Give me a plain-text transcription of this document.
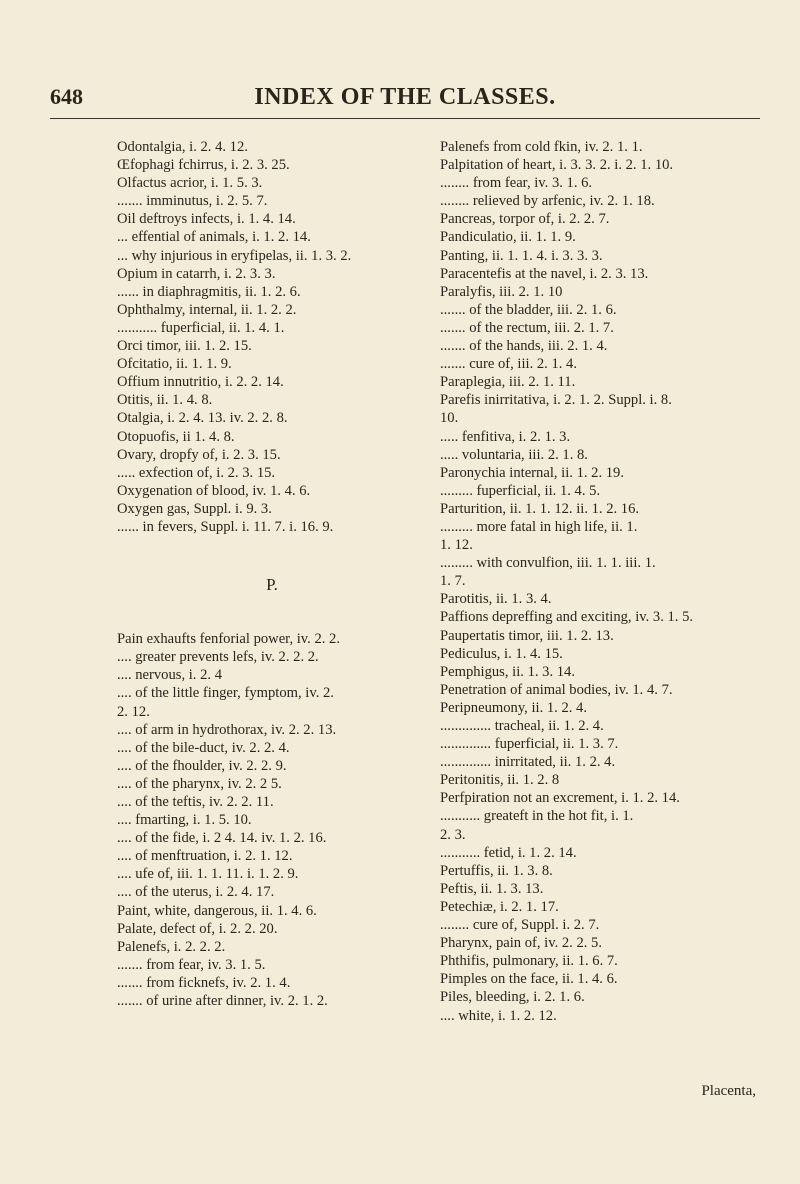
648	INDEX OF THE CLASSES.
Odontalgia, i. 2. 4. 12.
Œfophagi fchirrus, i. 2. 3. 25.
Olfactus acrior, i. 1. 5. 3.
....... imminutus, i. 2. 5. 7.
Oil deftroys infects, i. 1. 4. 14.
... effential of animals, i. 1. 2. 14.
... why injurious in eryfipelas, ii. 1. 3. 2.
Opium in catarrh, i. 2. 3. 3.
...... in diaphragmitis, ii. 1. 2. 6.
Ophthalmy, internal, ii. 1. 2. 2.
........... fuperficial, ii. 1. 4. 1.
Orci timor, iii. 1. 2. 15.
Ofcitatio, ii. 1. 1. 9.
Offium innutritio, i. 2. 2. 14.
Otitis, ii. 1. 4. 8.
Otalgia, i. 2. 4. 13. iv. 2. 2. 8.
Otopuofis, ii 1. 4. 8.
Ovary, dropfy of, i. 2. 3. 15.
..... exfection of, i. 2. 3. 15.
Oxygenation of blood, iv. 1. 4. 6.
Oxygen gas, Suppl. i. 9. 3.
...... in fevers, Suppl. i. 11. 7. i. 16. 9.
P.
Pain exhaufts fenforial power, iv. 2. 2.
.... greater prevents lefs, iv. 2. 2. 2.
.... nervous, i. 2. 4
.... of the little finger, fymptom, iv. 2.
2. 12.
.... of arm in hydrothorax, iv. 2. 2. 13.
.... of the bile-duct, iv. 2. 2. 4.
.... of the fhoulder, iv. 2. 2. 9.
.... of the pharynx, iv. 2. 2 5.
.... of the teftis, iv. 2. 2. 11.
.... fmarting, i. 1. 5. 10.
.... of the fide, i. 2 4. 14. iv. 1. 2. 16.
.... of menftruation, i. 2. 1. 12.
.... ufe of, iii. 1. 1. 11. i. 1. 2. 9.
.... of the uterus, i. 2. 4. 17.
Paint, white, dangerous, ii. 1. 4. 6.
Palate, defect of, i. 2. 2. 20.
Palenefs, i. 2. 2. 2.
....... from fear, iv. 3. 1. 5.
....... from ficknefs, iv. 2. 1. 4.
....... of urine after dinner, iv. 2. 1. 2.
Palenefs from cold fkin, iv. 2. 1. 1.
Palpitation of heart, i. 3. 3. 2. i. 2. 1. 10.
........ from fear, iv. 3. 1. 6.
........ relieved by arfenic, iv. 2. 1. 18.
Pancreas, torpor of, i. 2. 2. 7.
Pandiculatio, ii. 1. 1. 9.
Panting, ii. 1. 1. 4. i. 3. 3. 3.
Paracentefis at the navel, i. 2. 3. 13.
Paralyfis, iii. 2. 1. 10
....... of the bladder, iii. 2. 1. 6.
....... of the rectum, iii. 2. 1. 7.
....... of the hands, iii. 2. 1. 4.
....... cure of, iii. 2. 1. 4.
Paraplegia, iii. 2. 1. 11.
Parefis inirritativa, i. 2. 1. 2. Suppl. i. 8.
10.
..... fenfitiva, i. 2. 1. 3.
..... voluntaria, iii. 2. 1. 8.
Paronychia internal, ii. 1. 2. 19.
......... fuperficial, ii. 1. 4. 5.
Parturition, ii. 1. 1. 12. ii. 1. 2. 16.
......... more fatal in high life, ii. 1.
1. 12.
......... with convulfion, iii. 1. 1. iii. 1.
1. 7.
Parotitis, ii. 1. 3. 4.
Paffions depreffing and exciting, iv. 3. 1. 5.
Paupertatis timor, iii. 1. 2. 13.
Pediculus, i. 1. 4. 15.
Pemphigus, ii. 1. 3. 14.
Penetration of animal bodies, iv. 1. 4. 7.
Peripneumony, ii. 1. 2. 4.
.............. tracheal, ii. 1. 2. 4.
.............. fuperficial, ii. 1. 3. 7.
.............. inirritated, ii. 1. 2. 4.
Peritonitis, ii. 1. 2. 8
Perfpiration not an excrement, i. 1. 2. 14.
........... greateft in the hot fit, i. 1.
2. 3.
........... fetid, i. 1. 2. 14.
Pertuffis, ii. 1. 3. 8.
Peftis, ii. 1. 3. 13.
Petechiæ, i. 2. 1. 17.
........ cure of, Suppl. i. 2. 7.
Pharynx, pain of, iv. 2. 2. 5.
Phthifis, pulmonary, ii. 1. 6. 7.
Pimples on the face, ii. 1. 4. 6.
Piles, bleeding, i. 2. 1. 6.
.... white, i. 1. 2. 12.
Placenta,
